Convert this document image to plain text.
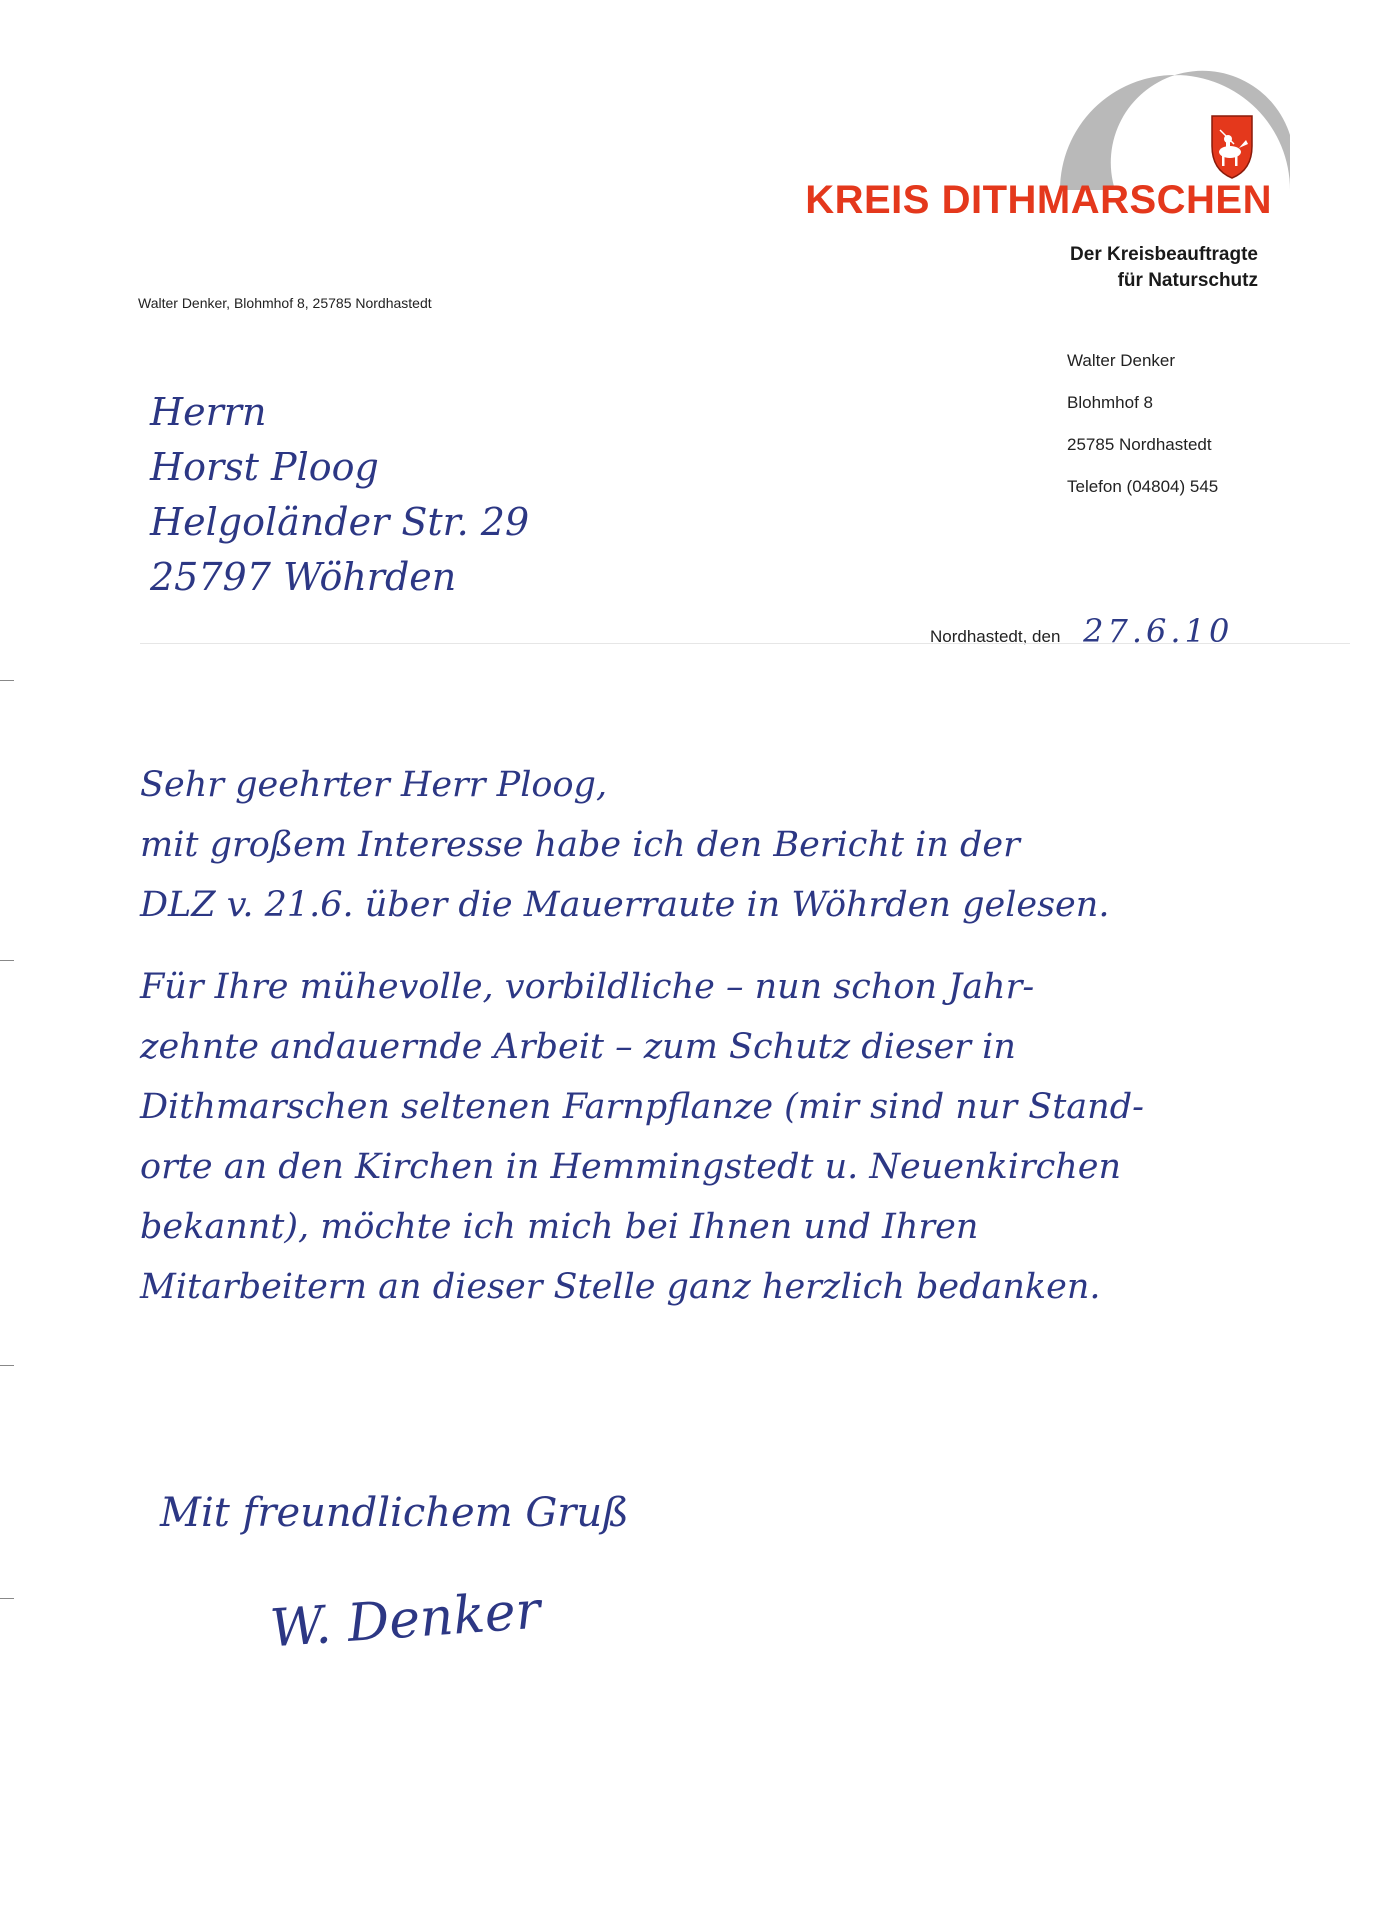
KREIS DITHMARSCHEN
Der Kreisbeauftragte
für Naturschutz
Walter Denker, Blohmhof 8, 25785 Nordhastedt
Walter Denker
Blohmhof 8
25785 Nordhastedt
Telefon (04804) 545
Herrn
Horst Ploog
Helgoländer Str. 29
25797 Wöhrden
Nordhastedt, den 27.6.10
Sehr geehrter Herr Ploog,
mit großem Interesse habe ich den Bericht in der
DLZ v. 21.6. über die Mauerraute in Wöhrden gelesen.
Für Ihre mühevolle, vorbildliche – nun schon Jahr-
zehnte andauernde Arbeit – zum Schutz dieser in
Dithmarschen seltenen Farnpflanze (mir sind nur Stand-
orte an den Kirchen in Hemmingstedt u. Neuenkirchen
bekannt), möchte ich mich bei Ihnen und Ihren
Mitarbeitern an dieser Stelle ganz herzlich bedanken.
Mit freundlichem Gruß
W. Denker
